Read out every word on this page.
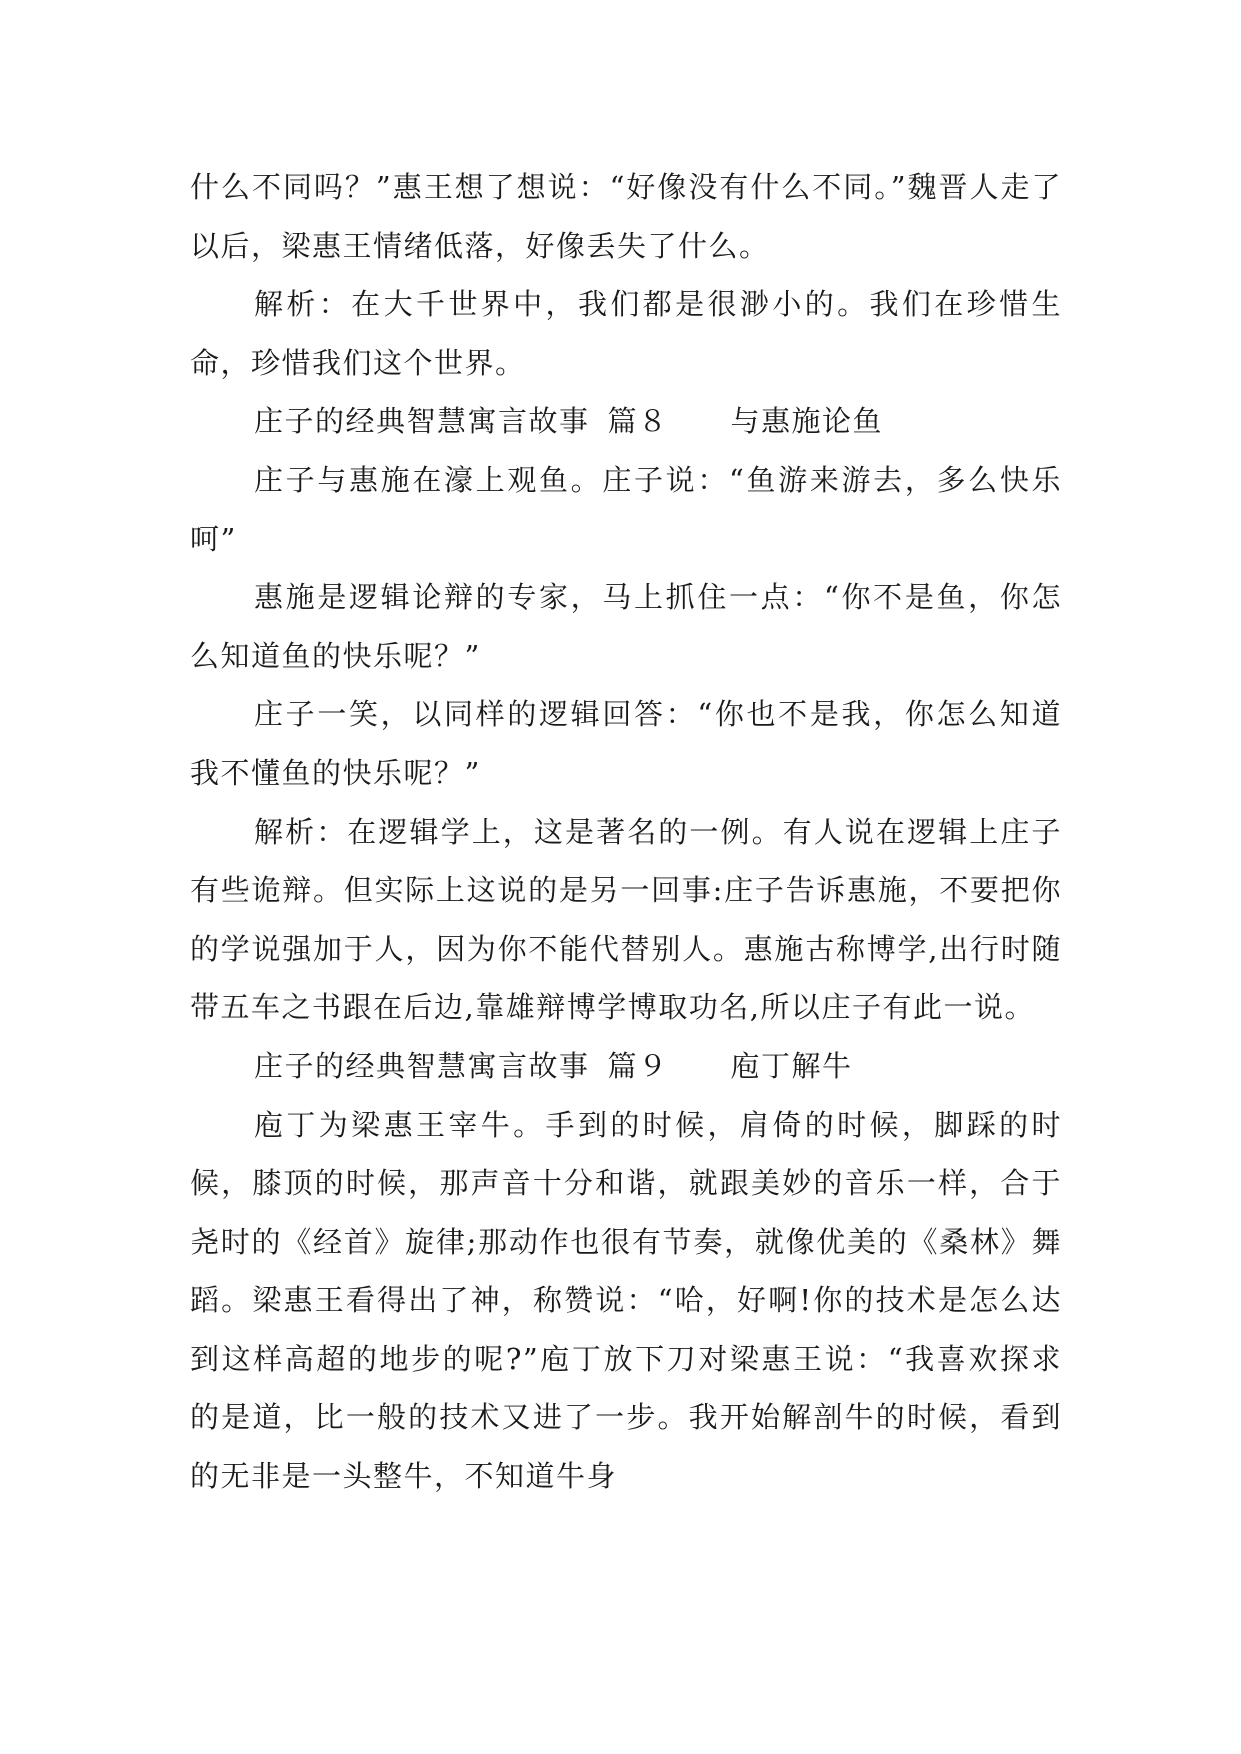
什么不同吗？”惠王想了想说：“好像没有什么不同。”魏晋人走了以后，梁惠王情绪低落，好像丢失了什么。

解析：在大千世界中，我们都是很渺小的。我们在珍惜生命，珍惜我们这个世界。

庄子的经典智慧寓言故事 篇８ 与惠施论鱼

庄子与惠施在濠上观鱼。庄子说：“鱼游来游去，多么快乐呵”

惠施是逻辑论辩的专家，马上抓住一点：“你不是鱼，你怎么知道鱼的快乐呢？”

庄子一笑，以同样的逻辑回答：“你也不是我，你怎么知道我不懂鱼的快乐呢？”

解析：在逻辑学上，这是著名的一例。有人说在逻辑上庄子有些诡辩。但实际上这说的是另一回事:庄子告诉惠施，不要把你的学说强加于人，因为你不能代替别人。惠施古称博学,出行时随带五车之书跟在后边,靠雄辩博学博取功名,所以庄子有此一说。

庄子的经典智慧寓言故事 篇９ 庖丁解牛

庖丁为梁惠王宰牛。手到的时候，肩倚的时候，脚踩的时候，膝顶的时候，那声音十分和谐，就跟美妙的音乐一样，合于尧时的《经首》旋律;那动作也很有节奏，就像优美的《桑林》舞蹈。梁惠王看得出了神，称赞说：“哈，好啊!你的技术是怎么达到这样高超的地步的呢?”庖丁放下刀对梁惠王说：“我喜欢探求的是道，比一般的技术又进了一步。我开始解剖牛的时候，看到的无非是一头整牛，不知道牛身
